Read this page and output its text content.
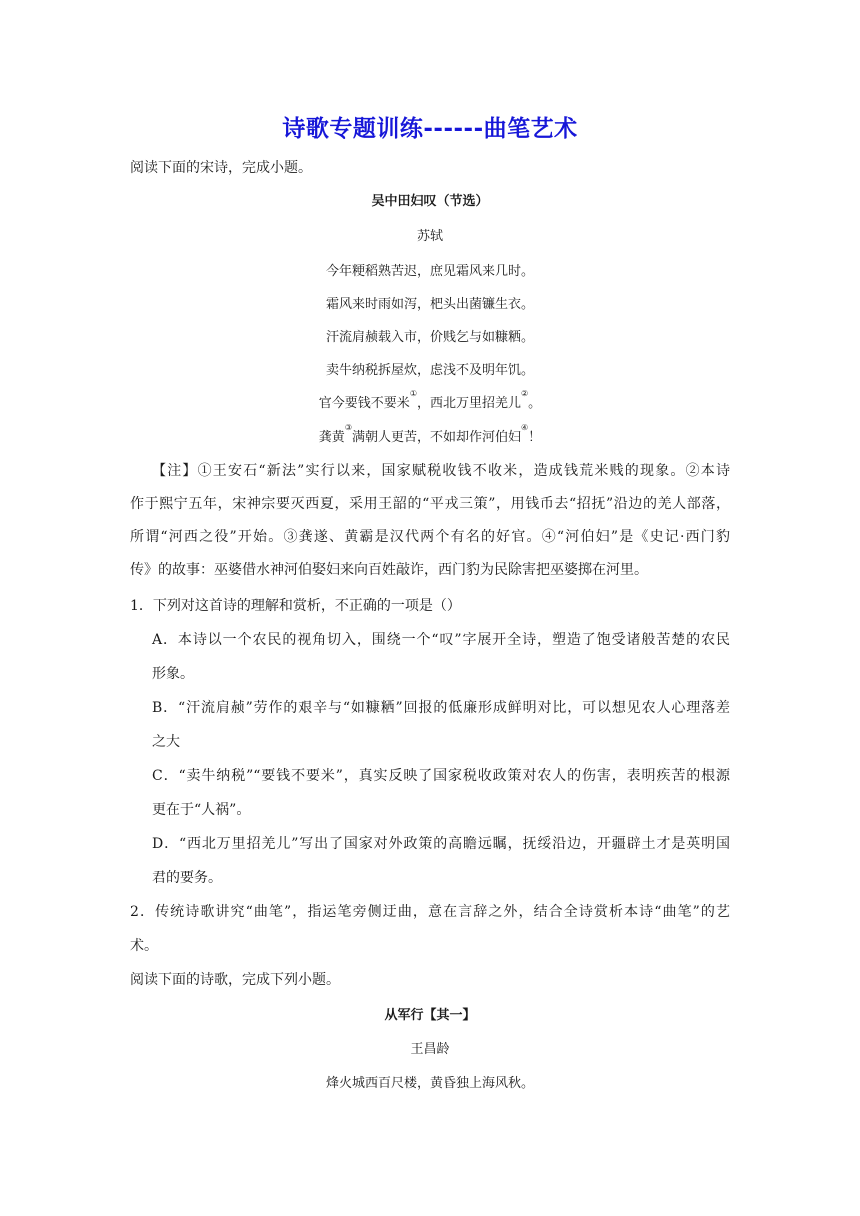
诗歌专题训练------曲笔艺术
阅读下面的宋诗，完成小题。
吴中田妇叹（节选）
苏轼
今年粳稻熟苦迟，庶见霜风来几时。
霜风来时雨如泻，杷头出菌镰生衣。
汗流肩赪载入市，价贱乞与如糠粞。
卖牛纳税拆屋炊，虑浅不及明年饥。
官今要钱不要米①，西北万里招羌儿②。
龚黄③满朝人更苦，不如却作河伯妇④！
【注】①王安石“新法”实行以来，国家赋税收钱不收米，造成钱荒米贱的现象。②本诗
作于熙宁五年，宋神宗要灭西夏，采用王韶的“平戎三策”，用钱币去“招抚”沿边的羌人部落，
所谓“河西之役”开始。③龚遂、黄霸是汉代两个有名的好官。④“河伯妇”是《史记·西门豹
传》的故事：巫婆借水神河伯娶妇来向百姓敲诈，西门豹为民除害把巫婆掷在河里。
1．下列对这首诗的理解和赏析，不正确的一项是（）
A．本诗以一个农民的视角切入，围绕一个“叹”字展开全诗，塑造了饱受诸般苦楚的农民
形象。
B．“汗流肩赪”劳作的艰辛与“如糠粞”回报的低廉形成鲜明对比，可以想见农人心理落差
之大
C．“卖牛纳税”“要钱不要米”，真实反映了国家税收政策对农人的伤害，表明疾苦的根源
更在于“人祸”。
D．“西北万里招羌儿”写出了国家对外政策的高瞻远瞩，抚绥沿边，开疆辟土才是英明国
君的要务。
2．传统诗歌讲究“曲笔”，指运笔旁侧迂曲，意在言辞之外，结合全诗赏析本诗“曲笔”的艺
术。
阅读下面的诗歌，完成下列小题。
从军行【其一】
王昌龄
烽火城西百尺楼，黄昏独上海风秋。
